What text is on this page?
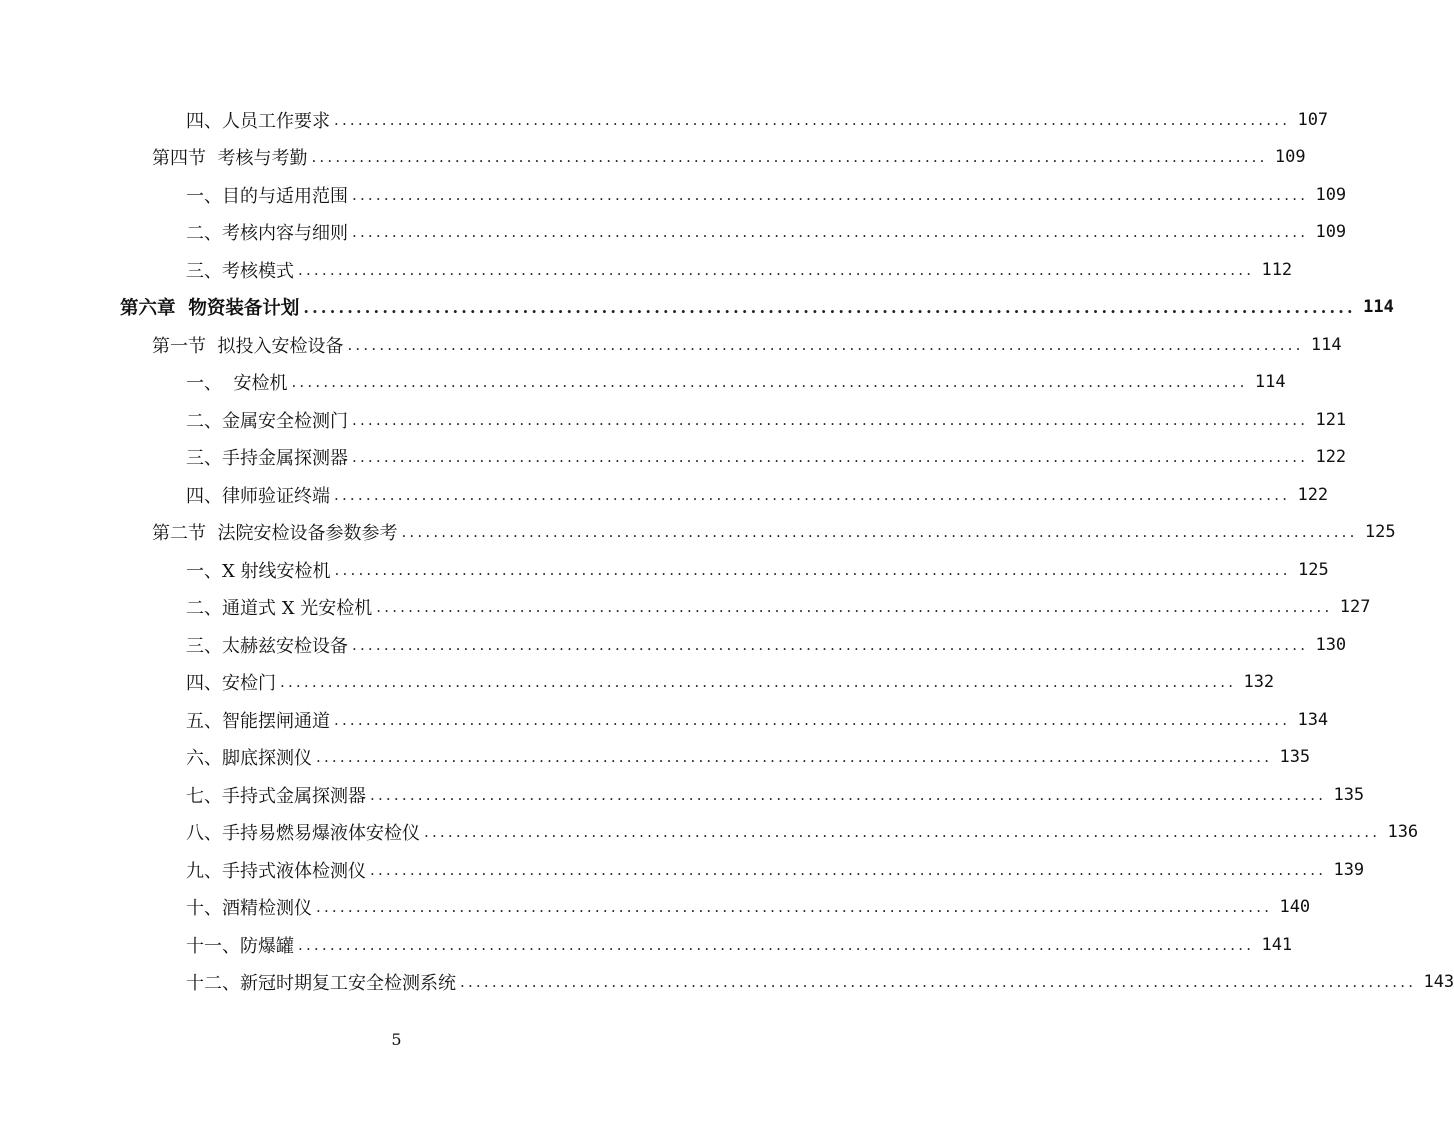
四、人员工作要求 ........................................................................................................................ 107
第四节  考核与考勤 ........................................................................................................................ 109
一、目的与适用范围 ........................................................................................................................ 109
二、考核内容与细则 ........................................................................................................................ 109
三、考核模式 ........................................................................................................................ 112
第六章  物资装备计划 ........................................................................................................................ 114
第一节  拟投入安检设备 ........................................................................................................................ 114
一、  安检机 ........................................................................................................................ 114
二、金属安全检测门 ........................................................................................................................ 121
三、手持金属探测器 ........................................................................................................................ 122
四、律师验证终端 ........................................................................................................................ 122
第二节  法院安检设备参数参考 ........................................................................................................................ 125
一、X 射线安检机 ........................................................................................................................ 125
二、通道式 X 光安检机 ........................................................................................................................ 127
三、太赫兹安检设备 ........................................................................................................................ 130
四、安检门 ........................................................................................................................ 132
五、智能摆闸通道 ........................................................................................................................ 134
六、脚底探测仪 ........................................................................................................................ 135
七、手持式金属探测器 ........................................................................................................................ 135
八、手持易燃易爆液体安检仪 ........................................................................................................................ 136
九、手持式液体检测仪 ........................................................................................................................ 139
十、酒精检测仪 ........................................................................................................................ 140
十一、防爆罐 ........................................................................................................................ 141
十二、新冠时期复工安全检测系统 ........................................................................................................................ 143
5
